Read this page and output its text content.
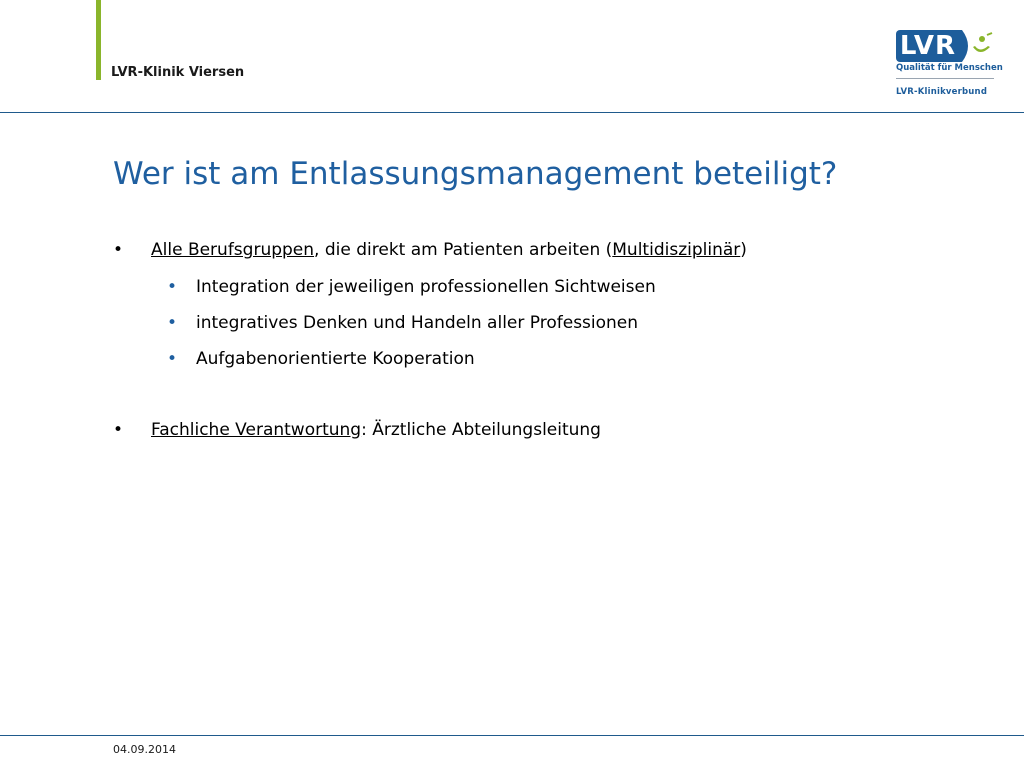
LVR-Klinik Viersen
LVR
Qualität für Menschen
LVR-Klinikverbund
Wer ist am Entlassungsmanagement beteiligt?
• Alle Berufsgruppen, die direkt am Patienten arbeiten (Multidisziplinär)
• Integration der jeweiligen professionellen Sichtweisen
• integratives Denken und Handeln aller Professionen
• Aufgabenorientierte Kooperation
• Fachliche Verantwortung: Ärztliche Abteilungsleitung
04.09.2014
